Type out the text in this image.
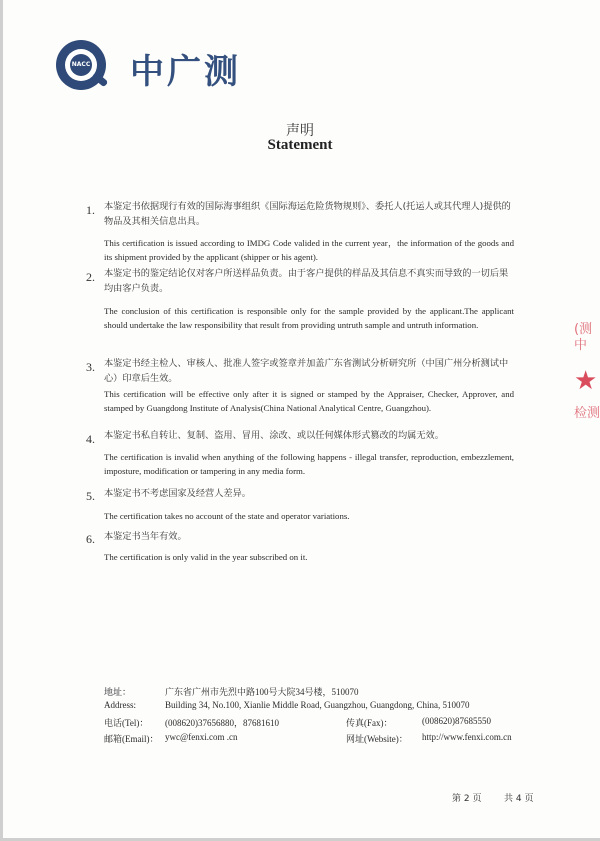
NACC 中广测
声明
Statement
1. 本鉴定书依据现行有效的国际海事组织《国际海运危险货物规则》、委托人(托运人或其代理人)提供的物品及其相关信息出具。
This certification is issued according to IMDG Code valided in the current year，the information of the goods and its shipment provided by the applicant (shipper or his agent).
2. 本鉴定书的鉴定结论仅对客户所送样品负责。由于客户提供的样品及其信息不真实而导致的一切后果均由客户负责。
The conclusion of this certification is responsible only for the sample provided by the applicant.The applicant should undertake the law responsibility that result from providing untruth sample and untruth information.
3. 本鉴定书经主检人、审核人、批准人签字或签章并加盖广东省测试分析研究所（中国广州分析测试中心）印章后生效。
This certification will be effective only after it is signed or stamped by the Appraiser, Checker, Approver, and stamped by Guangdong Institute of Analysis(China National Analytical Centre, Guangzhou).
4. 本鉴定书私自转让、复制、盗用、冒用、涂改、或以任何媒体形式篡改的均属无效。
The certification is invalid when anything of the following happens - illegal transfer, reproduction, embezzlement, imposture, modification or tampering in any media form.
5. 本鉴定书不考虑国家及经营人差异。
The certification takes no account of the state and operator variations.
6. 本鉴定书当年有效。
The certification is only valid in the year subscribed on it.
地址：	广东省广州市先烈中路100号大院34号楼，510070
Address:	Building 34, No.100, Xianlie Middle Road, Guangzhou, Guangdong, China, 510070
电话(Tel)： (008620)37656880，87681610	传真(Fax)：	(008620)87685550
邮箱(Email)： ywc@fenxi.com .cn	网址(Website)： http://www.fenxi.com.cn
第 2 页	共 4 页
(测中
★
检测
